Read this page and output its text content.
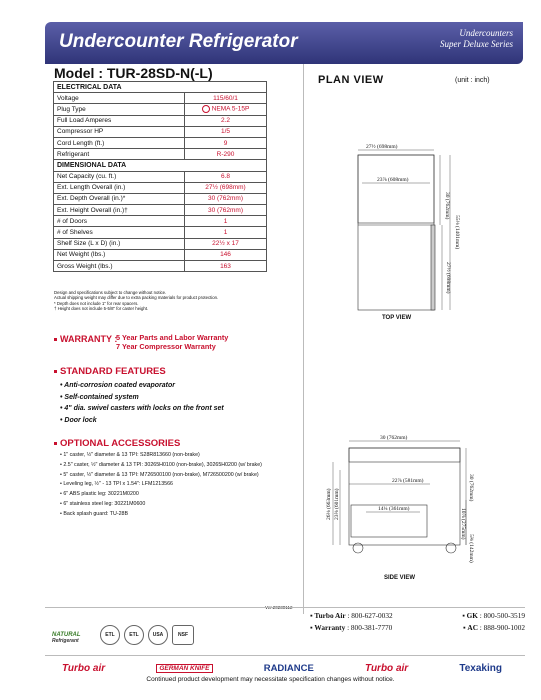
Undercounter Refrigerator	Undercounters
Super Deluxe Series
Model : TUR-28SD-N(-L)	PLAN VIEW	(unit : inch)
ELECTRICAL DATA	
Voltage	115/60/1
Plug Type	NEMA 5-15P
Full Load Amperes	2.2
Compressor HP	1/5
Cord Length (ft.)	9
Refrigerant	R-290
DIMENSIONAL DATA	
Net Capacity (cu. ft.)	6.8
Ext. Length Overall (in.)	27½ (698mm)
Ext. Depth Overall (in.)*	30 (762mm)
Ext. Height Overall (in.)†	30 (762mm)
# of Doors	1
# of Shelves	1
Shelf Size (L x D) (in.)	22½ x 17
Net Weight (lbs.)	146
Gross Weight (lbs.)	163
Design and specifications subject to change without notice.
Actual shipping weight may differ due to extra packing materials for product protection.
* Depth does not include 1" for rear spacers.
† Height does not include 5-5/8" for caster height.
WARRANTY :
5 Year Parts and Labor Warranty
7 Year Compressor Warranty
STANDARD FEATURES
• Anti-corrosion coated evaporator
• Self-contained system
• 4" dia. swivel casters with locks on the front set
• Door lock
OPTIONAL ACCESSORIES
• 1" caster, ½" diameter & 13 TPI: S28R813660 (non-brake)
• 2.5" caster, ½" diameter & 13 TPI: 30265H0100 (non-brake), 30265H0200 (w/ brake)
• 5" caster, ½" diameter & 13 TPI: M726500100 (non-brake), M726500200 (w/ brake)
• Leveling leg, ½" - 13 TPI x 1.54": LFM1213566
• 6" ABS plastic leg: 30221M0200
• 6" stainless steel leg: 30221M0600
• Back splash guard: TU-28B
27½ (698mm)
23⅞ (608mm)
30 (762mm)
55⅛ (1401mm)
27½ (698mm)
30 (762mm)
22⅞ (581mm)
14¼ (361mm)
26⅛ (663mm) 23⅝ (601mm)
30 (762mm)
10⅞ (275mm)
5⅝ (142mm)
TOP VIEW
SIDE VIEW
▪ Turbo Air : 800-627-0032	▪ GK : 800-500-3519
▪ Warranty : 800-381-7770	▪ AC : 888-900-1002
NATURAL
Refrigerant
ETL	ETL	USA	NSF
Turbo air	GERMAN KNIFE	RADIANCE	Turbo air	Texaking
Continued product development may necessitate specification changes without notice.
